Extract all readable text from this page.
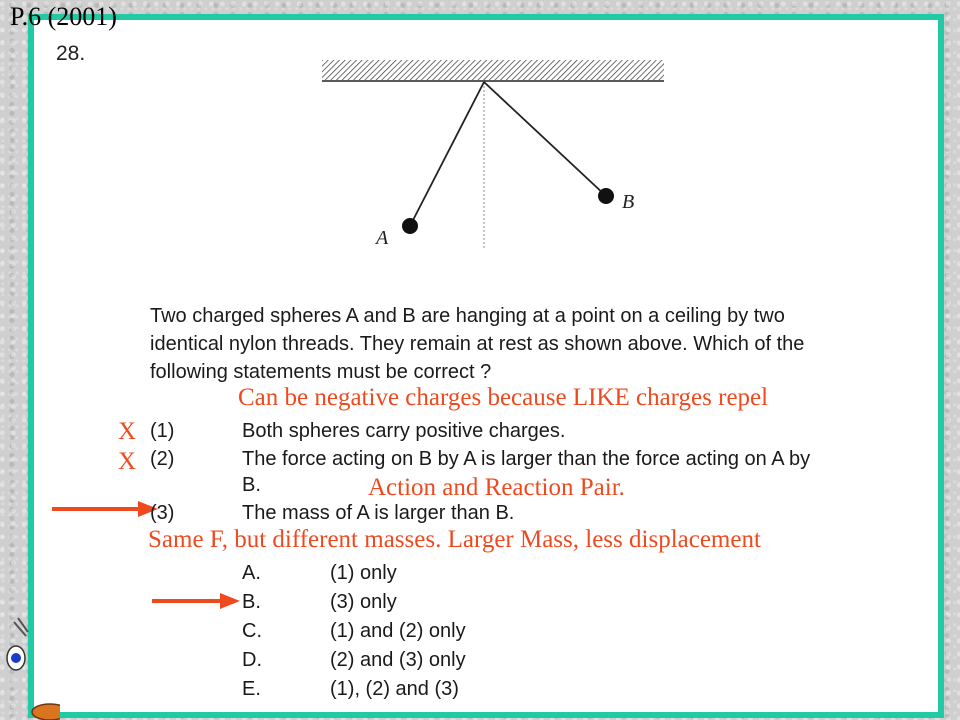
P.6 (2001)
28.
A
B
Two charged spheres A and B are hanging at a point on a ceiling by two
identical nylon threads. They remain at rest as shown above. Which of the
following statements must be correct ?
Can be negative charges because LIKE charges repel
X (1)	Both spheres carry positive charges.
X (2)	The force acting on B by A is larger than the force acting on A by
B.	Action and Reaction Pair.
(3)	The mass of A is larger than B.
Same F, but different masses. Larger Mass, less displacement
A.	(1) only
B.	(3) only
C.	(1) and (2) only
D.	(2) and (3) only
E.	(1), (2) and (3)
